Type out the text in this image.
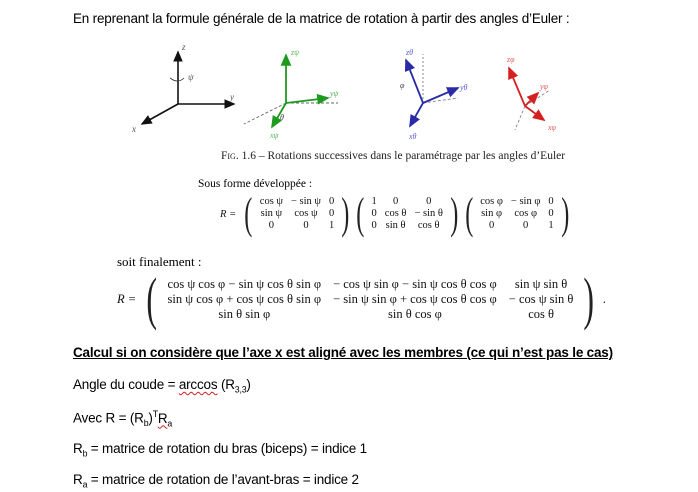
En reprenant la formule générale de la matrice de rotation à partir des angles d’Euler :
z
ψ
y
x
zψ
yψ
xψ
θ
zθ
yθ
xθ
φ
zφ
yφ
xφ
Fig. 1.6 – Rotations successives dans le paramétrage par les angles d’Euler
Sous forme développée :
R = ( cos ψ	− sin ψ	0
sin ψ	cos ψ	0
0	0	1 ) ( 1	0	0
0	cos θ	− sin θ
0	sin θ	cos θ ) ( cos φ	− sin φ	0
sin φ	cos φ	0
0	0	1 )
soit finalement :
R = ( cos ψ cos φ − sin ψ cos θ sin φ	− cos ψ sin φ − sin ψ cos θ cos φ	sin ψ sin θ
sin ψ cos φ + cos ψ cos θ sin φ	− sin ψ sin φ + cos ψ cos θ cos φ	− cos ψ sin θ
sin θ sin φ	sin θ cos φ	cos θ ) .
Calcul si on considère que l’axe x est aligné avec les membres (ce qui n’est pas le cas)
Angle du coude = $\arccos (R_{3,3})$
Avec $R = (R_b)^TR_a$
$R_b$ = matrice de rotation du bras (biceps) = indice 1
$R_a$ = matrice de rotation de l’avant-bras = indice 2
